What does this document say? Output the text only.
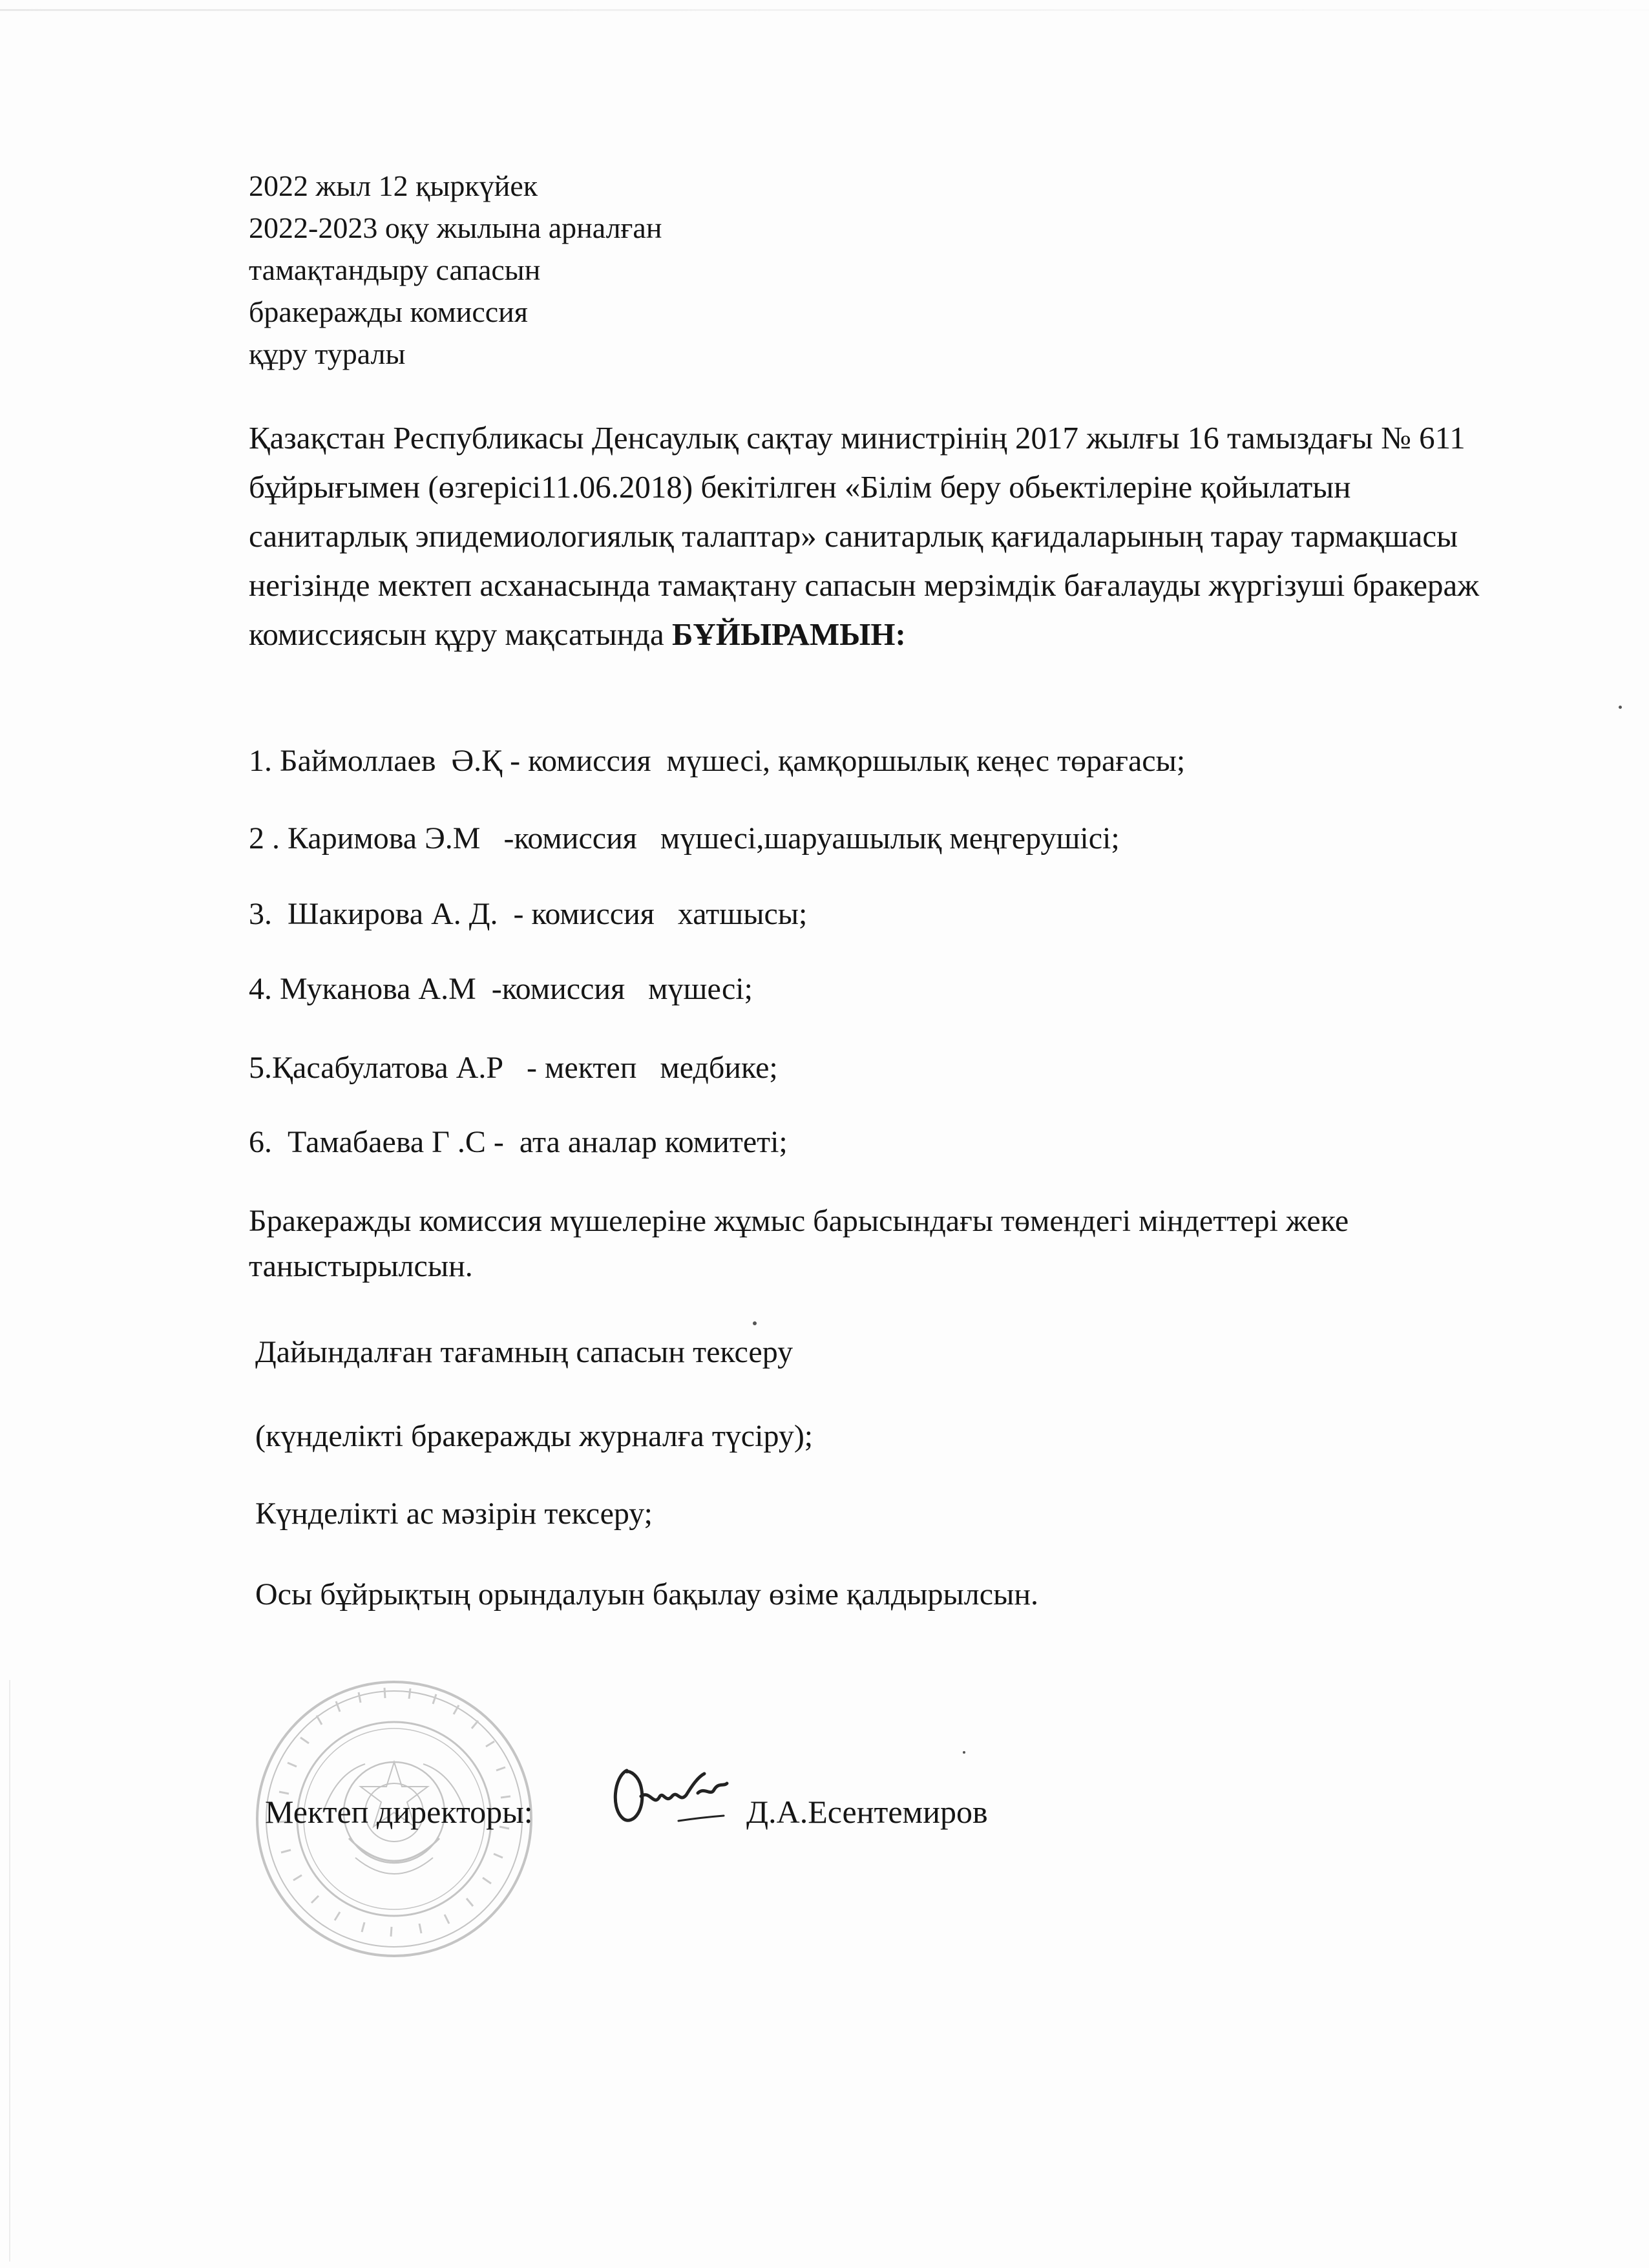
2022 жыл 12 қыркүйек
2022-2023 оқу жылына арналған
тамақтандыру сапасын
бракеражды комиссия
құру туралы
Қазақстан Республикасы Денсаулық сақтау министрінің 2017 жылғы 16 тамыздағы № 611 бұйрығымен (өзгерісі11.06.2018) бекітілген «Білім беру обьектілеріне қойылатын санитарлық эпидемиологиялық талаптар» санитарлық қағидаларының тарау тармақшасы негізінде мектеп асханасында тамақтану сапасын мерзімдік бағалауды жүргізуші бракераж комиссиясын құру мақсатында БҰЙЫРАМЫН:
1. Баймоллаев  Ә.Қ - комиссия  мүшесі, қамқоршылық кеңес төрағасы;
2 . Каримова Э.М   -комиссия   мүшесі,шаруашылық меңгерушісі;
3.  Шакирова А. Д.  - комиссия   хатшысы;
4. Муканова А.М  -комиссия   мүшесі;
5.Қасабулатова А.Р   - мектеп   медбике;
6.  Тамабаева Г .С -  ата аналар комитеті;
Бракеражды комиссия мүшелеріне жұмыс барысындағы төмендегі міндеттері жеке таныстырылсын.
Дайындалған тағамның сапасын тексеру
(күнделікті бракеражды журналға түсіру);
Күнделікті ас мәзірін тексеру;
Осы бұйрықтың орындалуын бақылау өзіме қалдырылсын.
Мектеп директоры:	Д.А.Есентемиров
